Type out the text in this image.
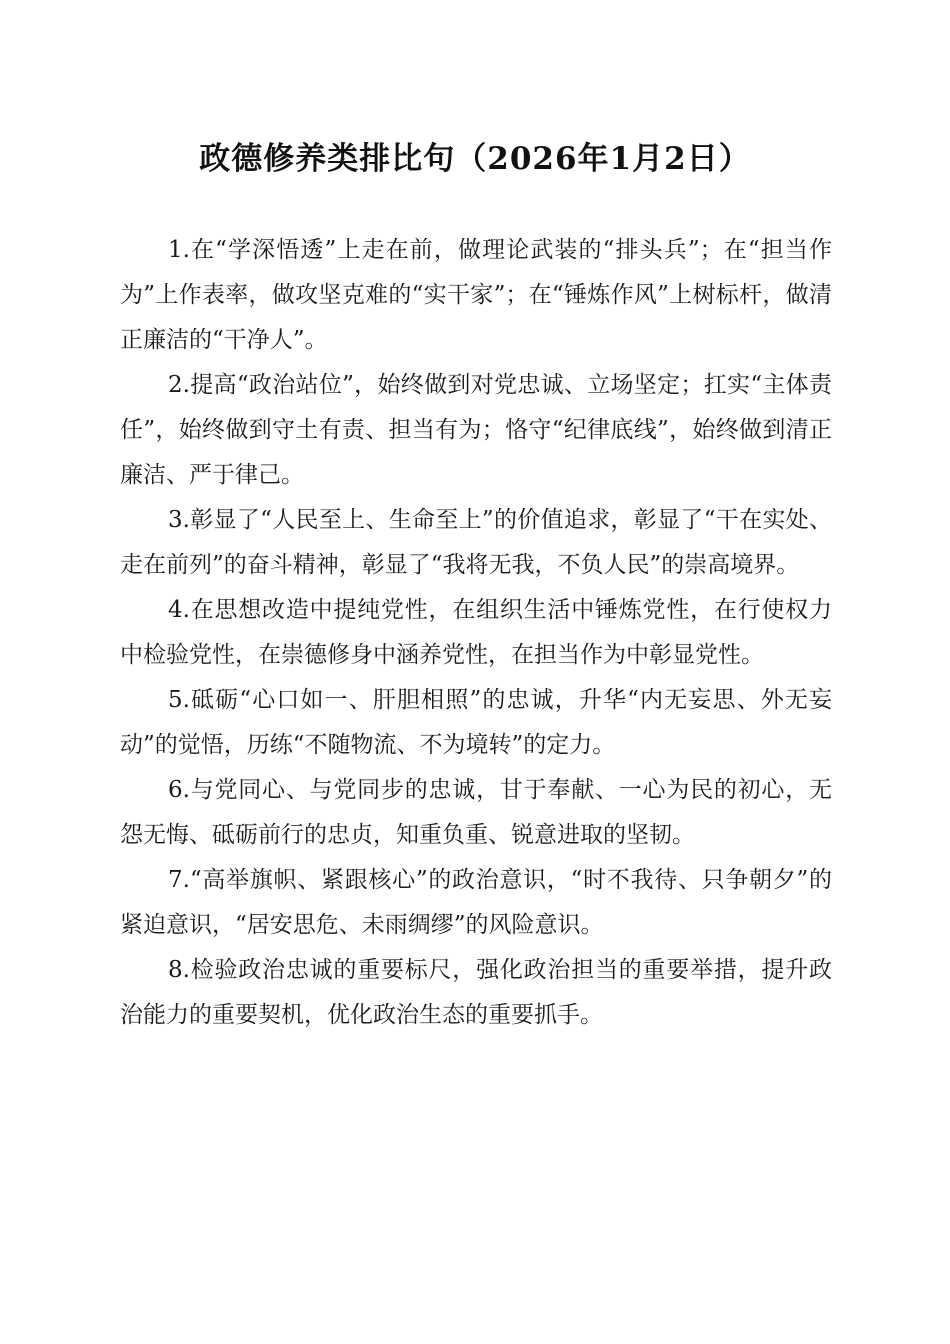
政德修养类排比句（2026年1月2日）

1.在“学深悟透”上走在前，做理论武装的“排头兵”；在“担当作为”上作表率，做攻坚克难的“实干家”；在“锤炼作风”上树标杆，做清正廉洁的“干净人”。

2.提高“政治站位”，始终做到对党忠诚、立场坚定；扛实“主体责任”，始终做到守土有责、担当有为；恪守“纪律底线”，始终做到清正廉洁、严于律己。

3.彰显了“人民至上、生命至上”的价值追求，彰显了“干在实处、走在前列”的奋斗精神，彰显了“我将无我，不负人民”的崇高境界。

4.在思想改造中提纯党性，在组织生活中锤炼党性，在行使权力中检验党性，在崇德修身中涵养党性，在担当作为中彰显党性。

5.砥砺“心口如一、肝胆相照”的忠诚，升华“内无妄思、外无妄动”的觉悟，历练“不随物流、不为境转”的定力。

6.与党同心、与党同步的忠诚，甘于奉献、一心为民的初心，无怨无悔、砥砺前行的忠贞，知重负重、锐意进取的坚韧。

7.“高举旗帜、紧跟核心”的政治意识，“时不我待、只争朝夕”的紧迫意识，“居安思危、未雨绸缪”的风险意识。

8.检验政治忠诚的重要标尺，强化政治担当的重要举措，提升政治能力的重要契机，优化政治生态的重要抓手。
